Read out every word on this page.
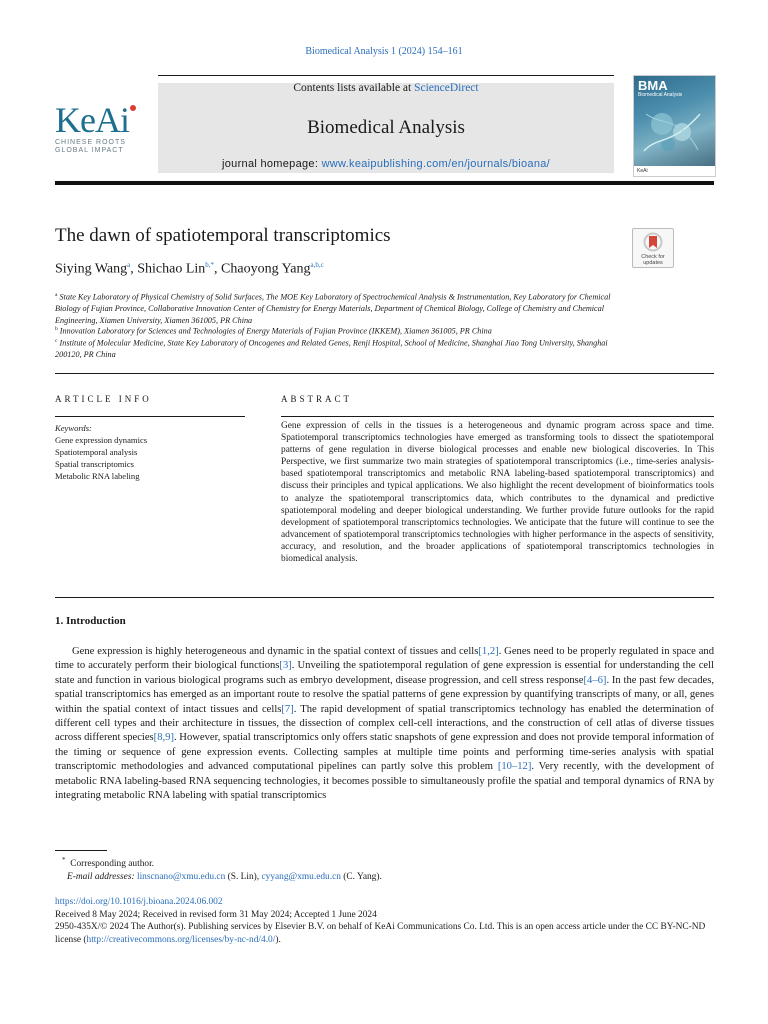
Biomedical Analysis 1 (2024) 154–161
KeAi
CHINESE ROOTS
GLOBAL IMPACT
Contents lists available at ScienceDirect
Biomedical Analysis
journal homepage: www.keaipublishing.com/en/journals/bioana/
BMA
Biomedical Analysis
KeAi
The dawn of spatiotemporal transcriptomics
Check for
updates
Siying Wang$^a$, Shichao Lin$^{b,*}$, Chaoyong Yang$^{a,b,c}$
$^a$ State Key Laboratory of Physical Chemistry of Solid Surfaces, The MOE Key Laboratory of Spectrochemical Analysis & Instrumentation, Key Laboratory for Chemical Biology of Fujian Province, Collaborative Innovation Center of Chemistry for Energy Materials, Department of Chemical Biology, College of Chemistry and Chemical Engineering, Xiamen University, Xiamen 361005, PR China
$^b$ Innovation Laboratory for Sciences and Technologies of Energy Materials of Fujian Province (IKKEM), Xiamen 361005, PR China
$^c$ Institute of Molecular Medicine, State Key Laboratory of Oncogenes and Related Genes, Renji Hospital, School of Medicine, Shanghai Jiao Tong University, Shanghai 200120, PR China
ARTICLE INFO	ABSTRACT
Keywords:
Gene expression dynamics
Spatiotemporal analysis
Spatial transcriptomics
Metabolic RNA labeling
Gene expression of cells in the tissues is a heterogeneous and dynamic program across space and time. Spatiotemporal transcriptomics technologies have emerged as transforming tools to dissect the spatiotemporal patterns of gene regulation in diverse biological processes and enable new biological discoveries. In This Perspective, we first summarize two main strategies of spatiotemporal transcriptomics (i.e., time-series analysis-based spatiotemporal transcriptomics and metabolic RNA labeling-based spatiotemporal transcriptomics) and discuss their principles and typical applications. We also highlight the recent development of bioinformatics tools to analyze the spatiotemporal transcriptomics data, which contributes to the dynamical and predictive spatiotemporal modeling and deeper biological understanding. We further provide future outlooks for the rapid development of spatiotemporal transcriptomics technologies. We anticipate that the future will continue to see the advancement of spatiotemporal transcriptomics technologies with higher performance in the aspects of sensitivity, accuracy, and resolution, and the broader applications of spatiotemporal transcriptomics technologies in biomedical analysis.
1. Introduction
Gene expression is highly heterogeneous and dynamic in the spatial context of tissues and cells[1,2]. Genes need to be properly regulated in space and time to accurately perform their biological functions[3]. Unveiling the spatiotemporal regulation of gene expression is essential for understanding the cell state and function in various biological programs such as embryo development, disease progression, and cell stress response[4–6]. In the past few decades, spatial transcriptomics has emerged as an important route to resolve the spatial patterns of gene expression by quantifying transcripts of many, or all, genes within the spatial context of intact tissues and cells[7]. The rapid development of spatial transcriptomics technology has enabled the determination of different cell types and their architecture in tissues, the dissection of complex cell-cell interactions, and the construction of cell atlas of diverse tissues across different species[8,9]. However, spatial transcriptomics only offers static snapshots of gene expression and does not provide temporal information of the timing or sequence of gene expression events. Collecting samples at multiple time points and performing time-series analysis with spatial transcriptomic methodologies and advanced computational pipelines can partly solve this problem [10–12]. Very recently, with the development of metabolic RNA labeling-based RNA sequencing technologies, it becomes possible to simultaneously profile the spatial and temporal dynamics of RNA by integrating metabolic RNA labeling with spatial transcriptomics
* Corresponding author.
E-mail addresses: linscnano@xmu.edu.cn (S. Lin), cyyang@xmu.edu.cn (C. Yang).
https://doi.org/10.1016/j.bioana.2024.06.002
Received 8 May 2024; Received in revised form 31 May 2024; Accepted 1 June 2024
2950-435X/© 2024 The Author(s). Publishing services by Elsevier B.V. on behalf of KeAi Communications Co. Ltd. This is an open access article under the CC BY-NC-ND license (http://creativecommons.org/licenses/by-nc-nd/4.0/).
